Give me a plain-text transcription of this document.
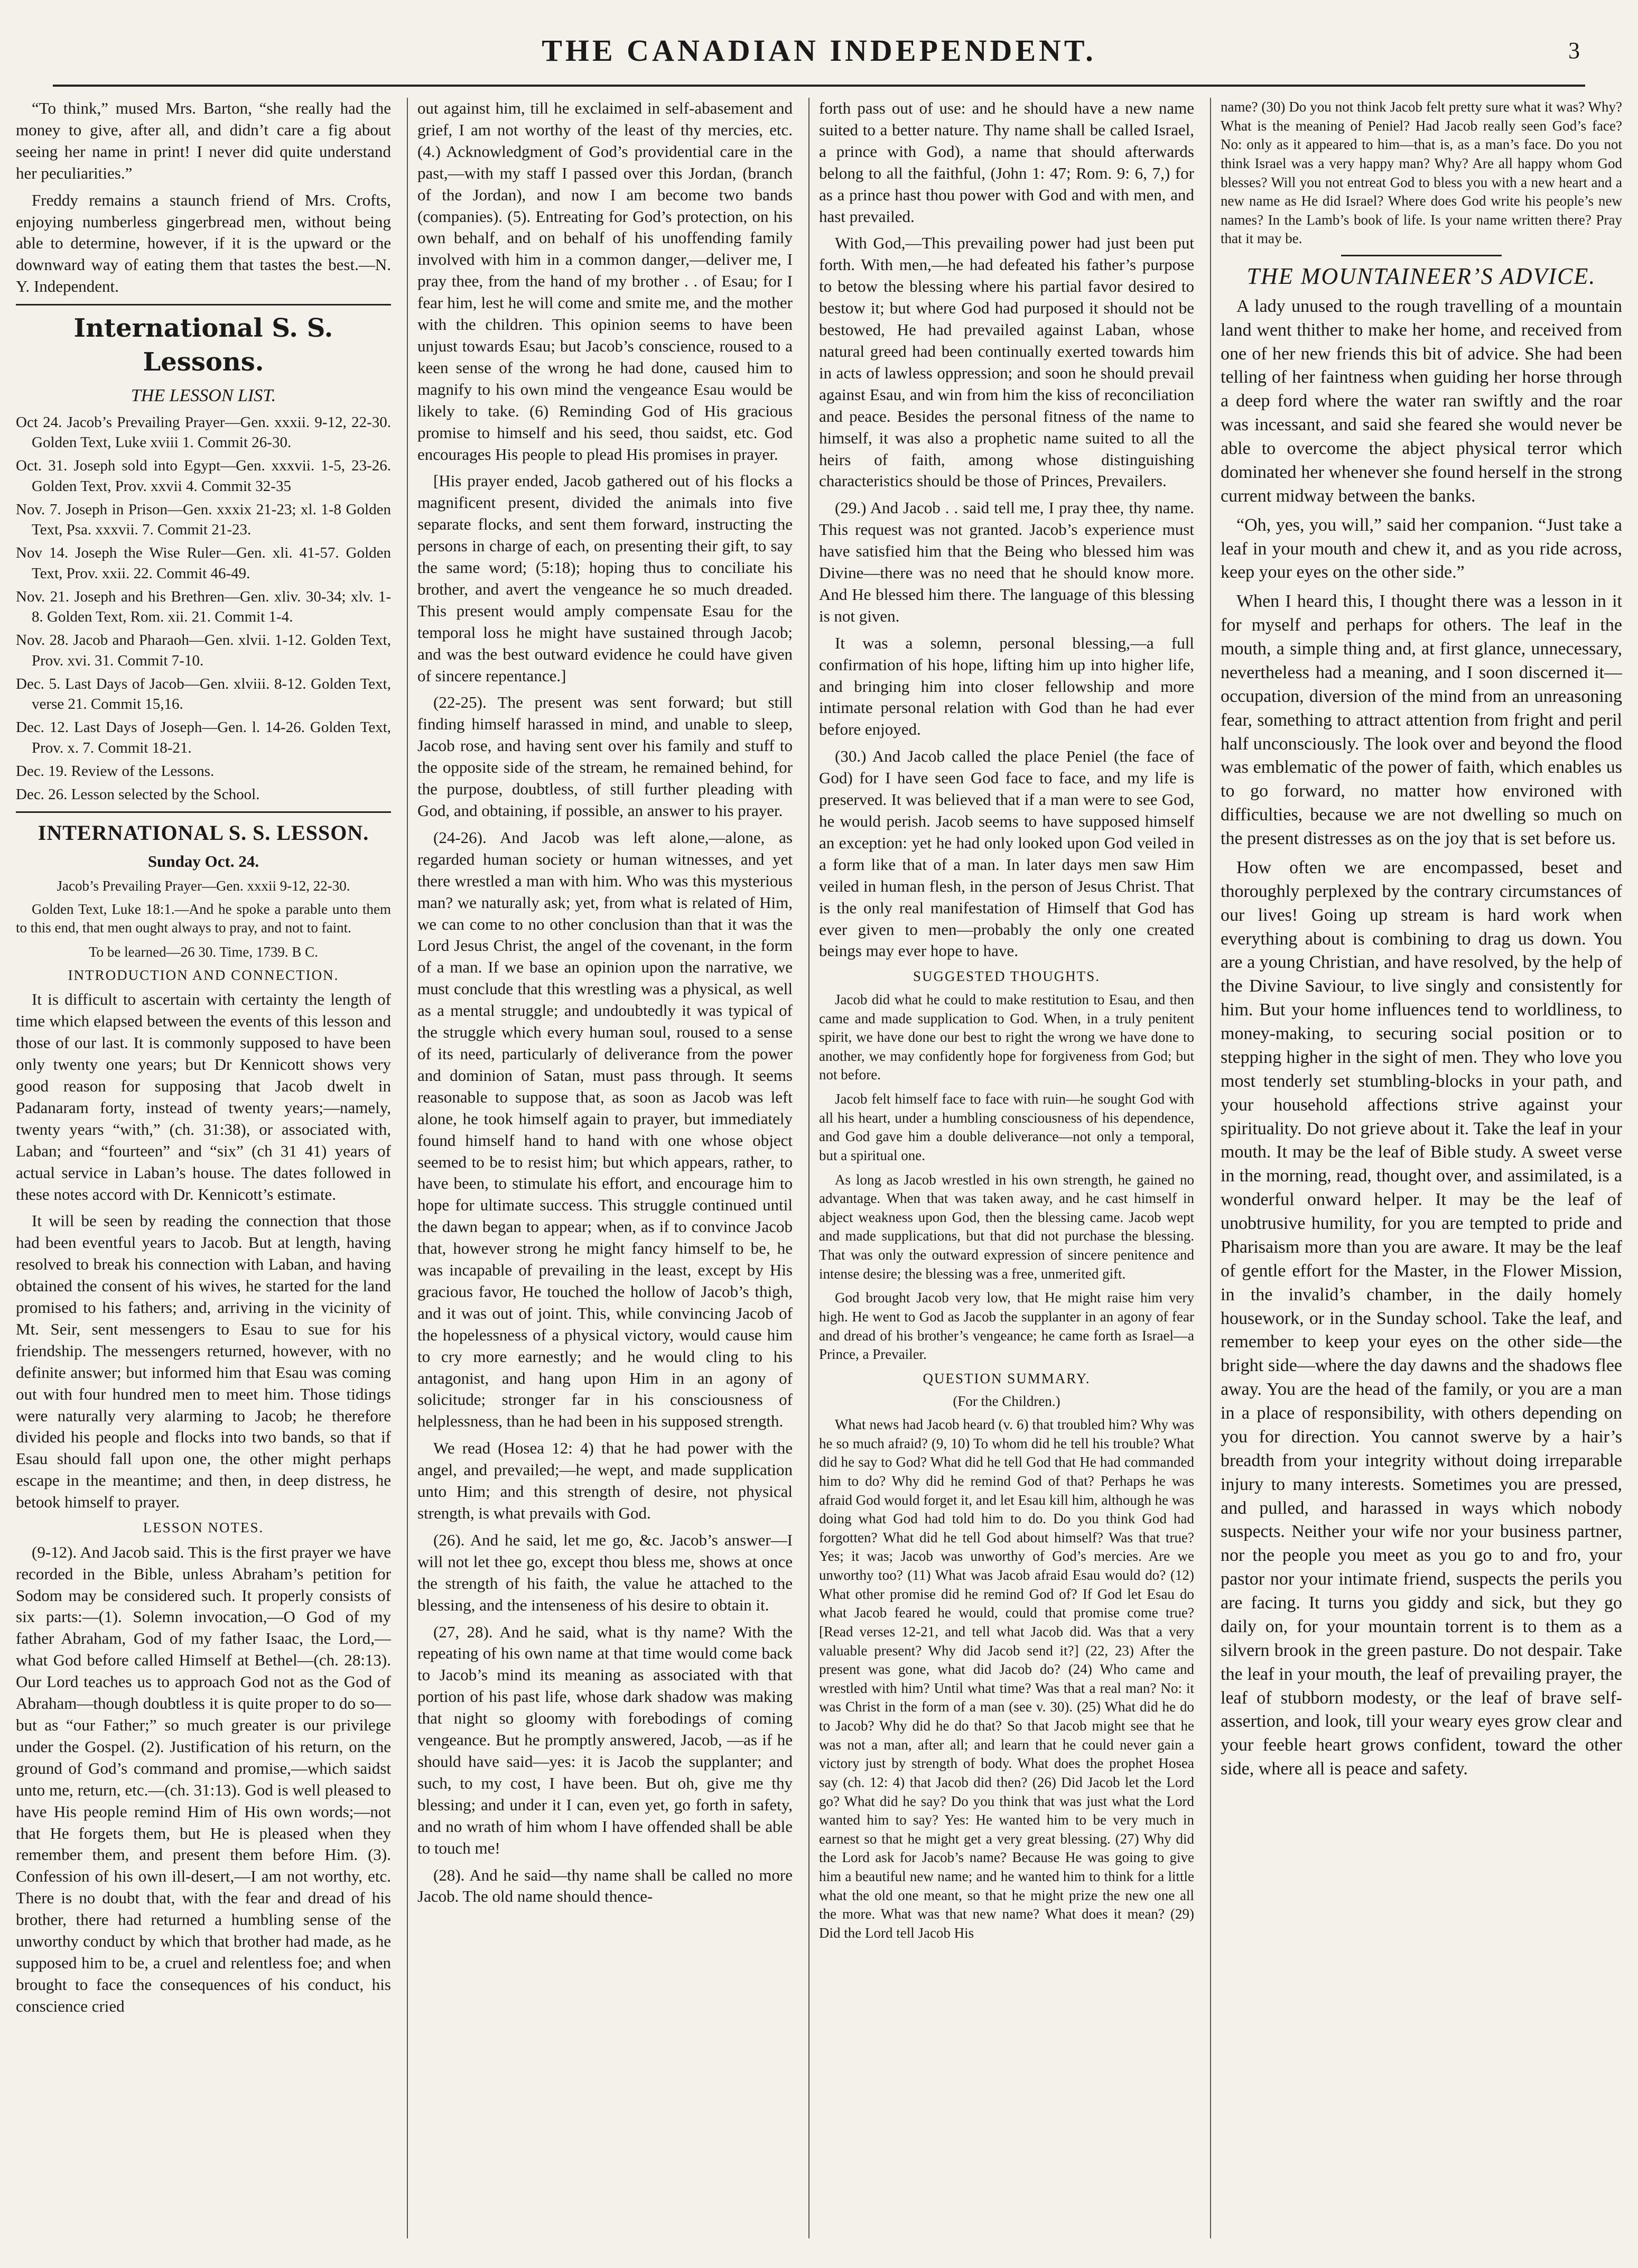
THE CANADIAN INDEPENDENT.	3

“To think,” mused Mrs. Barton, “she really had the money to give, after all, and didn’t care a fig about seeing her name in print! I never did quite understand her peculiarities.”

Freddy remains a staunch friend of Mrs. Crofts, enjoying numberless gingerbread men, without being able to determine, however, if it is the upward or the downward way of eating them that tastes the best.—N. Y. Independent.

International S. S. Lessons.
THE LESSON LIST.
Oct 24. Jacob’s Prevailing Prayer—Gen. xxxii. 9-12, 22-30. Golden Text, Luke xviii 1. Commit 26-30.
Oct. 31. Joseph sold into Egypt—Gen. xxxvii. 1-5, 23-26. Golden Text, Prov. xxvii 4. Commit 32-35
Nov. 7. Joseph in Prison—Gen. xxxix 21-23; xl. 1-8 Golden Text, Psa. xxxvii. 7. Commit 21-23.
Nov 14. Joseph the Wise Ruler—Gen. xli. 41-57. Golden Text, Prov. xxii. 22. Commit 46-49.
Nov. 21. Joseph and his Brethren—Gen. xliv. 30-34; xlv. 1-8. Golden Text, Rom. xii. 21. Commit 1-4.
Nov. 28. Jacob and Pharaoh—Gen. xlvii. 1-12. Golden Text, Prov. xvi. 31. Commit 7-10.
Dec. 5. Last Days of Jacob—Gen. xlviii. 8-12. Golden Text, verse 21. Commit 15,16.
Dec. 12. Last Days of Joseph—Gen. l. 14-26. Golden Text, Prov. x. 7. Commit 18-21.
Dec. 19. Review of the Lessons.
Dec. 26. Lesson selected by the School.
INTERNATIONAL S. S. LESSON.
Sunday Oct. 24.
Jacob’s Prevailing Prayer—Gen. xxxii 9-12, 22-30.

Golden Text, Luke 18:1.—And he spoke a parable unto them to this end, that men ought always to pray, and not to faint.

To be learned—26 30. Time, 1739. B C.
INTRODUCTION AND CONNECTION.

It is difficult to ascertain with certainty the length of time which elapsed between the events of this lesson and those of our last. It is commonly supposed to have been only twenty one years; but Dr Kennicott shows very good reason for supposing that Jacob dwelt in Padanaram forty, instead of twenty years;—namely, twenty years “with,” (ch. 31:38), or associated with, Laban; and “fourteen” and “six” (ch 31 41) years of actual service in Laban’s house. The dates followed in these notes accord with Dr. Kennicott’s estimate.

It will be seen by reading the connection that those had been eventful years to Jacob. But at length, having resolved to break his connection with Laban, and having obtained the consent of his wives, he started for the land promised to his fathers; and, arriving in the vicinity of Mt. Seir, sent messengers to Esau to sue for his friendship. The messengers returned, however, with no definite answer; but informed him that Esau was coming out with four hundred men to meet him. Those tidings were naturally very alarming to Jacob; he therefore divided his people and flocks into two bands, so that if Esau should fall upon one, the other might perhaps escape in the meantime; and then, in deep distress, he betook himself to prayer.

LESSON NOTES.

(9-12). And Jacob said. This is the first prayer we have recorded in the Bible, unless Abraham’s petition for Sodom may be considered such. It properly consists of six parts:—(1). Solemn invocation,—O God of my father Abraham, God of my father Isaac, the Lord,—what God before called Himself at Bethel—(ch. 28:13). Our Lord teaches us to approach God not as the God of Abraham—though doubtless it is quite proper to do so—but as “our Father;” so much greater is our privilege under the Gospel. (2). Justification of his return, on the ground of God’s command and promise,—which saidst unto me, return, etc.—(ch. 31:13). God is well pleased to have His people remind Him of His own words;—not that He forgets them, but He is pleased when they remember them, and present them before Him. (3). Confession of his own ill-desert,—I am not worthy, etc. There is no doubt that, with the fear and dread of his brother, there had returned a humbling sense of the unworthy conduct by which that brother had made, as he supposed him to be, a cruel and relentless foe; and when brought to face the consequences of his conduct, his conscience cried

out against him, till he exclaimed in self-abasement and grief, I am not worthy of the least of thy mercies, etc. (4.) Acknowledgment of God’s providential care in the past,—with my staff I passed over this Jordan, (branch of the Jordan), and now I am become two bands (companies). (5). Entreating for God’s protection, on his own behalf, and on behalf of his unoffending family involved with him in a common danger,—deliver me, I pray thee, from the hand of my brother . . of Esau; for I fear him, lest he will come and smite me, and the mother with the children. This opinion seems to have been unjust towards Esau; but Jacob’s conscience, roused to a keen sense of the wrong he had done, caused him to magnify to his own mind the vengeance Esau would be likely to take. (6) Reminding God of His gracious promise to himself and his seed, thou saidst, etc. God encourages His people to plead His promises in prayer.

[His prayer ended, Jacob gathered out of his flocks a magnificent present, divided the animals into five separate flocks, and sent them forward, instructing the persons in charge of each, on presenting their gift, to say the same word; (5:18); hoping thus to conciliate his brother, and avert the vengeance he so much dreaded. This present would amply compensate Esau for the temporal loss he might have sustained through Jacob; and was the best outward evidence he could have given of sincere repentance.]

(22-25). The present was sent forward; but still finding himself harassed in mind, and unable to sleep, Jacob rose, and having sent over his family and stuff to the opposite side of the stream, he remained behind, for the purpose, doubtless, of still further pleading with God, and obtaining, if possible, an answer to his prayer.

(24-26). And Jacob was left alone,—alone, as regarded human society or human witnesses, and yet there wrestled a man with him. Who was this mysterious man? we naturally ask; yet, from what is related of Him, we can come to no other conclusion than that it was the Lord Jesus Christ, the angel of the covenant, in the form of a man. If we base an opinion upon the narrative, we must conclude that this wrestling was a physical, as well as a mental struggle; and undoubtedly it was typical of the struggle which every human soul, roused to a sense of its need, particularly of deliverance from the power and dominion of Satan, must pass through. It seems reasonable to suppose that, as soon as Jacob was left alone, he took himself again to prayer, but immediately found himself hand to hand with one whose object seemed to be to resist him; but which appears, rather, to have been, to stimulate his effort, and encourage him to hope for ultimate success. This struggle continued until the dawn began to appear; when, as if to convince Jacob that, however strong he might fancy himself to be, he was incapable of prevailing in the least, except by His gracious favor, He touched the hollow of Jacob’s thigh, and it was out of joint. This, while convincing Jacob of the hopelessness of a physical victory, would cause him to cry more earnestly; and he would cling to his antagonist, and hang upon Him in an agony of solicitude; stronger far in his consciousness of helplessness, than he had been in his supposed strength.

We read (Hosea 12: 4) that he had power with the angel, and prevailed;—he wept, and made supplication unto Him; and this strength of desire, not physical strength, is what prevails with God.

(26). And he said, let me go, &c. Jacob’s answer—I will not let thee go, except thou bless me, shows at once the strength of his faith, the value he attached to the blessing, and the intenseness of his desire to obtain it.

(27, 28). And he said, what is thy name? With the repeating of his own name at that time would come back to Jacob’s mind its meaning as associated with that portion of his past life, whose dark shadow was making that night so gloomy with forebodings of coming vengeance. But he promptly answered, Jacob, —as if he should have said—yes: it is Jacob the supplanter; and such, to my cost, I have been. But oh, give me thy blessing; and under it I can, even yet, go forth in safety, and no wrath of him whom I have offended shall be able to touch me!

(28). And he said—thy name shall be called no more Jacob. The old name should thence-

forth pass out of use: and he should have a new name suited to a better nature. Thy name shall be called Israel, a prince with God), a name that should afterwards belong to all the faithful, (John 1: 47; Rom. 9: 6, 7,) for as a prince hast thou power with God and with men, and hast prevailed.

With God,—This prevailing power had just been put forth. With men,—he had defeated his father’s purpose to betow the blessing where his partial favor desired to bestow it; but where God had purposed it should not be bestowed, He had prevailed against Laban, whose natural greed had been continually exerted towards him in acts of lawless oppression; and soon he should prevail against Esau, and win from him the kiss of reconciliation and peace. Besides the personal fitness of the name to himself, it was also a prophetic name suited to all the heirs of faith, among whose distinguishing characteristics should be those of Princes, Prevailers.

(29.) And Jacob . . said tell me, I pray thee, thy name. This request was not granted. Jacob’s experience must have satisfied him that the Being who blessed him was Divine—there was no need that he should know more. And He blessed him there. The language of this blessing is not given.

It was a solemn, personal blessing,—a full confirmation of his hope, lifting him up into higher life, and bringing him into closer fellowship and more intimate personal relation with God than he had ever before enjoyed.

(30.) And Jacob called the place Peniel (the face of God) for I have seen God face to face, and my life is preserved. It was believed that if a man were to see God, he would perish. Jacob seems to have supposed himself an exception: yet he had only looked upon God veiled in a form like that of a man. In later days men saw Him veiled in human flesh, in the person of Jesus Christ. That is the only real manifestation of Himself that God has ever given to men—probably the only one created beings may ever hope to have.

SUGGESTED THOUGHTS.

Jacob did what he could to make restitution to Esau, and then came and made supplication to God. When, in a truly penitent spirit, we have done our best to right the wrong we have done to another, we may confidently hope for forgiveness from God; but not before.

Jacob felt himself face to face with ruin—he sought God with all his heart, under a humbling consciousness of his dependence, and God gave him a double deliverance—not only a temporal, but a spiritual one.

As long as Jacob wrestled in his own strength, he gained no advantage. When that was taken away, and he cast himself in abject weakness upon God, then the blessing came. Jacob wept and made supplications, but that did not purchase the blessing. That was only the outward expression of sincere penitence and intense desire; the blessing was a free, unmerited gift.

God brought Jacob very low, that He might raise him very high. He went to God as Jacob the supplanter in an agony of fear and dread of his brother’s vengeance; he came forth as Israel—a Prince, a Prevailer.

QUESTION SUMMARY.
(For the Children.)

What news had Jacob heard (v. 6) that troubled him? Why was he so much afraid? (9, 10) To whom did he tell his trouble? What did he say to God? What did he tell God that He had commanded him to do? Why did he remind God of that? Perhaps he was afraid God would forget it, and let Esau kill him, although he was doing what God had told him to do. Do you think God had forgotten? What did he tell God about himself? Was that true? Yes; it was; Jacob was unworthy of God’s mercies. Are we unworthy too? (11) What was Jacob afraid Esau would do? (12) What other promise did he remind God of? If God let Esau do what Jacob feared he would, could that promise come true? [Read verses 12-21, and tell what Jacob did. Was that a very valuable present? Why did Jacob send it?] (22, 23) After the present was gone, what did Jacob do? (24) Who came and wrestled with him? Until what time? Was that a real man? No: it was Christ in the form of a man (see v. 30). (25) What did he do to Jacob? Why did he do that? So that Jacob might see that he was not a man, after all; and learn that he could never gain a victory just by strength of body. What does the prophet Hosea say (ch. 12: 4) that Jacob did then? (26) Did Jacob let the Lord go? What did he say? Do you think that was just what the Lord wanted him to say? Yes: He wanted him to be very much in earnest so that he might get a very great blessing. (27) Why did the Lord ask for Jacob’s name? Because He was going to give him a beautiful new name; and he wanted him to think for a little what the old one meant, so that he might prize the new one all the more. What was that new name? What does it mean? (29) Did the Lord tell Jacob His

name? (30) Do you not think Jacob felt pretty sure what it was? Why? What is the meaning of Peniel? Had Jacob really seen God’s face? No: only as it appeared to him—that is, as a man’s face. Do you not think Israel was a very happy man? Why? Are all happy whom God blesses? Will you not entreat God to bless you with a new heart and a new name as He did Israel? Where does God write his people’s new names? In the Lamb’s book of life. Is your name written there? Pray that it may be.

THE MOUNTAINEER’S ADVICE.

A lady unused to the rough travelling of a mountain land went thither to make her home, and received from one of her new friends this bit of advice. She had been telling of her faintness when guiding her horse through a deep ford where the water ran swiftly and the roar was incessant, and said she feared she would never be able to overcome the abject physical terror which dominated her whenever she found herself in the strong current midway between the banks.

“Oh, yes, you will,” said her companion. “Just take a leaf in your mouth and chew it, and as you ride across, keep your eyes on the other side.”

When I heard this, I thought there was a lesson in it for myself and perhaps for others. The leaf in the mouth, a simple thing and, at first glance, unnecessary, nevertheless had a meaning, and I soon discerned it—occupation, diversion of the mind from an unreasoning fear, something to attract attention from fright and peril half unconsciously. The look over and beyond the flood was emblematic of the power of faith, which enables us to go forward, no matter how environed with difficulties, because we are not dwelling so much on the present distresses as on the joy that is set before us.

How often we are encompassed, beset and thoroughly perplexed by the contrary circumstances of our lives! Going up stream is hard work when everything about is combining to drag us down. You are a young Christian, and have resolved, by the help of the Divine Saviour, to live singly and consistently for him. But your home influences tend to worldliness, to money-making, to securing social position or to stepping higher in the sight of men. They who love you most tenderly set stumbling-blocks in your path, and your household affections strive against your spirituality. Do not grieve about it. Take the leaf in your mouth. It may be the leaf of Bible study. A sweet verse in the morning, read, thought over, and assimilated, is a wonderful onward helper. It may be the leaf of unobtrusive humility, for you are tempted to pride and Pharisaism more than you are aware. It may be the leaf of gentle effort for the Master, in the Flower Mission, in the invalid’s chamber, in the daily homely housework, or in the Sunday school. Take the leaf, and remember to keep your eyes on the other side—the bright side—where the day dawns and the shadows flee away. You are the head of the family, or you are a man in a place of responsibility, with others depending on you for direction. You cannot swerve by a hair’s breadth from your integrity without doing irreparable injury to many interests. Sometimes you are pressed, and pulled, and harassed in ways which nobody suspects. Neither your wife nor your business partner, nor the people you meet as you go to and fro, your pastor nor your intimate friend, suspects the perils you are facing. It turns you giddy and sick, but they go daily on, for your mountain torrent is to them as a silvern brook in the green pasture. Do not despair. Take the leaf in your mouth, the leaf of prevailing prayer, the leaf of stubborn modesty, or the leaf of brave self-assertion, and look, till your weary eyes grow clear and your feeble heart grows confident, toward the other side, where all is peace and safety.
